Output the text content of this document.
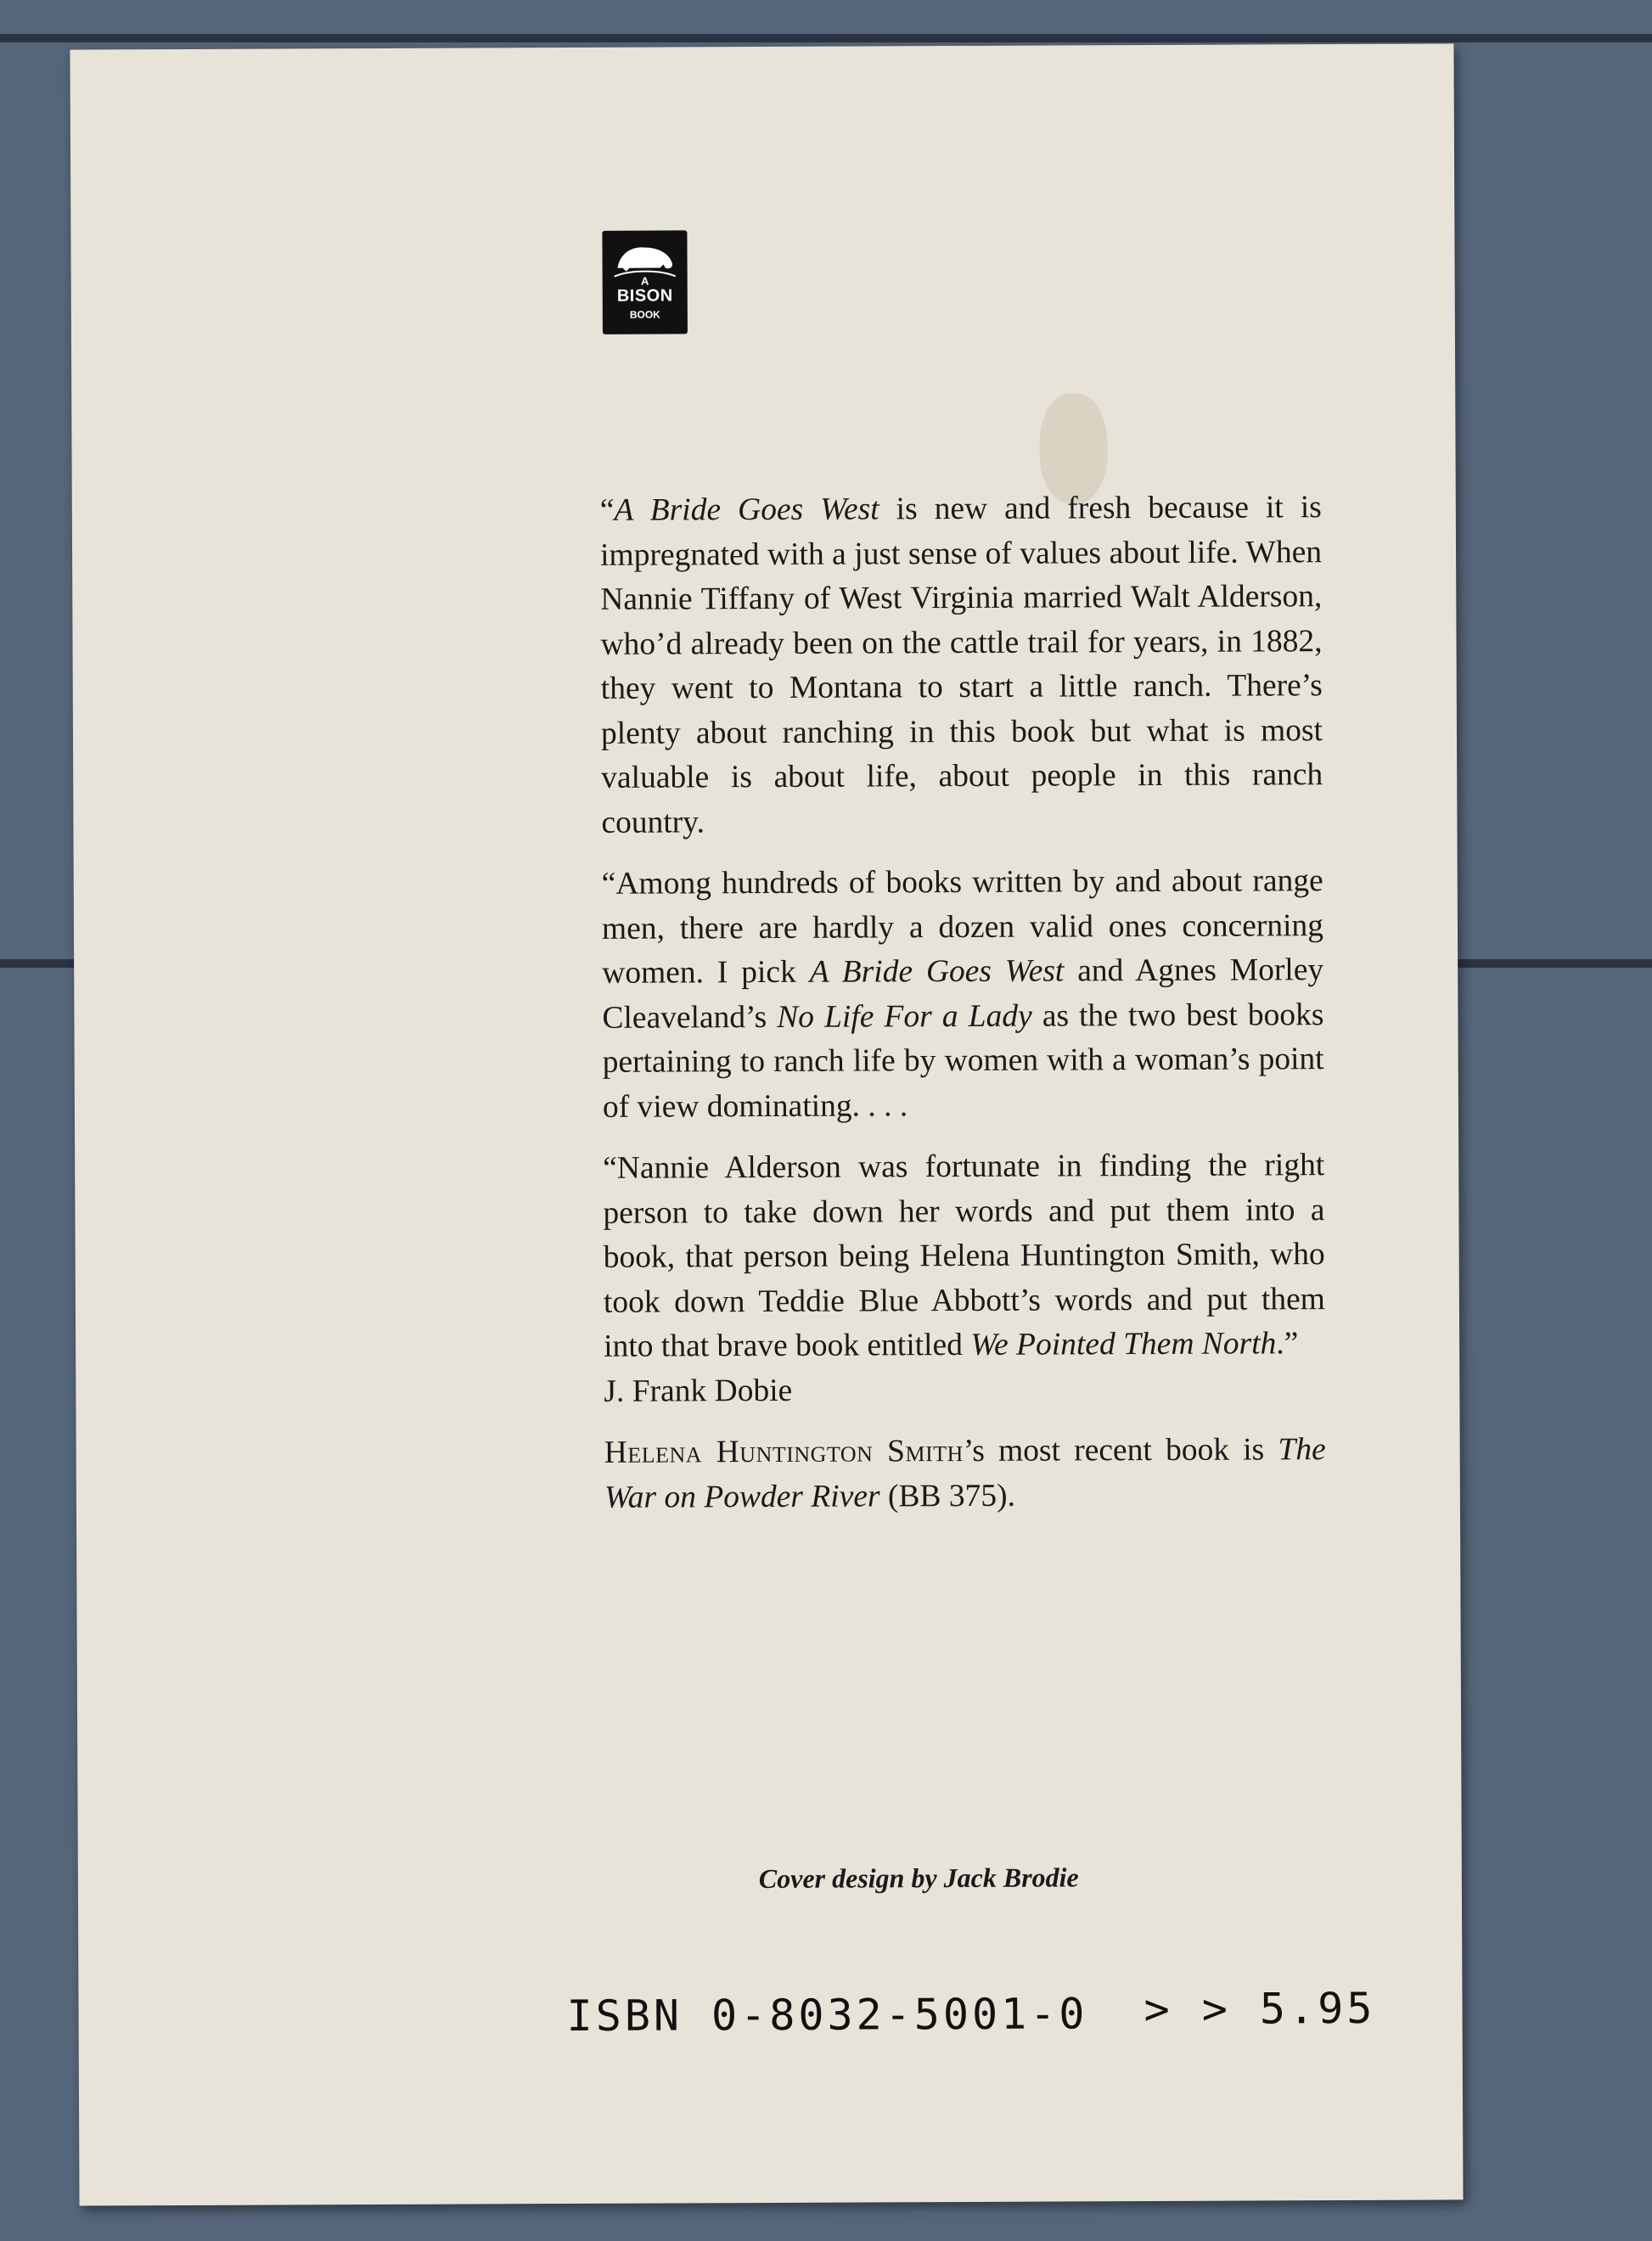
A
BISON
BOOK

“A Bride Goes West is new and fresh because it is impregnated with a just sense of values about life. When Nannie Tiffany of West Virginia married Walt Alderson, who’d already been on the cattle trail for years, in 1882, they went to Montana to start a little ranch. There’s plenty about ranching in this book but what is most valuable is about life, about people in this ranch country.

“Among hundreds of books written by and about range men, there are hardly a dozen valid ones concerning women. I pick A Bride Goes West and Agnes Morley Cleaveland’s No Life For a Lady as the two best books pertaining to ranch life by women with a woman’s point of view dominating. . . .

“Nannie Alderson was fortunate in finding the right person to take down her words and put them into a book, that person being Helena Huntington Smith, who took down Teddie Blue Abbott’s words and put them into that brave book entitled We Pointed Them North.”

J. Frank Dobie

Helena Huntington Smith’s most recent book is The War on Powder River (BB 375).

Cover design by Jack Brodie
ISBN 0-8032-5001-0 > > 5.95
